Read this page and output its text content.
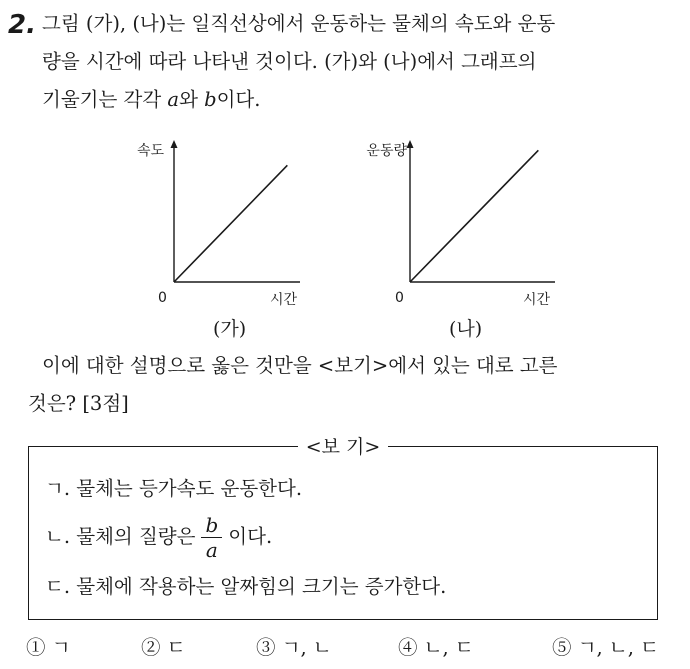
2. 그림 (가), (나)는 일직선상에서 운동하는 물체의 속도와 운동
량을 시간에 따라 나타낸 것이다. (가)와 (나)에서 그래프의
기울기는 각각 a와 b이다.
속도
0	시간
(가)
운동량
0	시간
(나)
이에 대한 설명으로 옳은 것만을 <보기>에서 있는 대로 고른
것은? [3점]
<보 기>
ㄱ. 물체는 등가속도 운동한다.
ㄴ. 물체의 질량은 $\frac{b}{a}$ 이다.
ㄷ. 물체에 작용하는 알짜힘의 크기는 증가한다.
① ㄱ	② ㄷ	③ ㄱ, ㄴ	④ ㄴ, ㄷ	⑤ ㄱ, ㄴ, ㄷ
